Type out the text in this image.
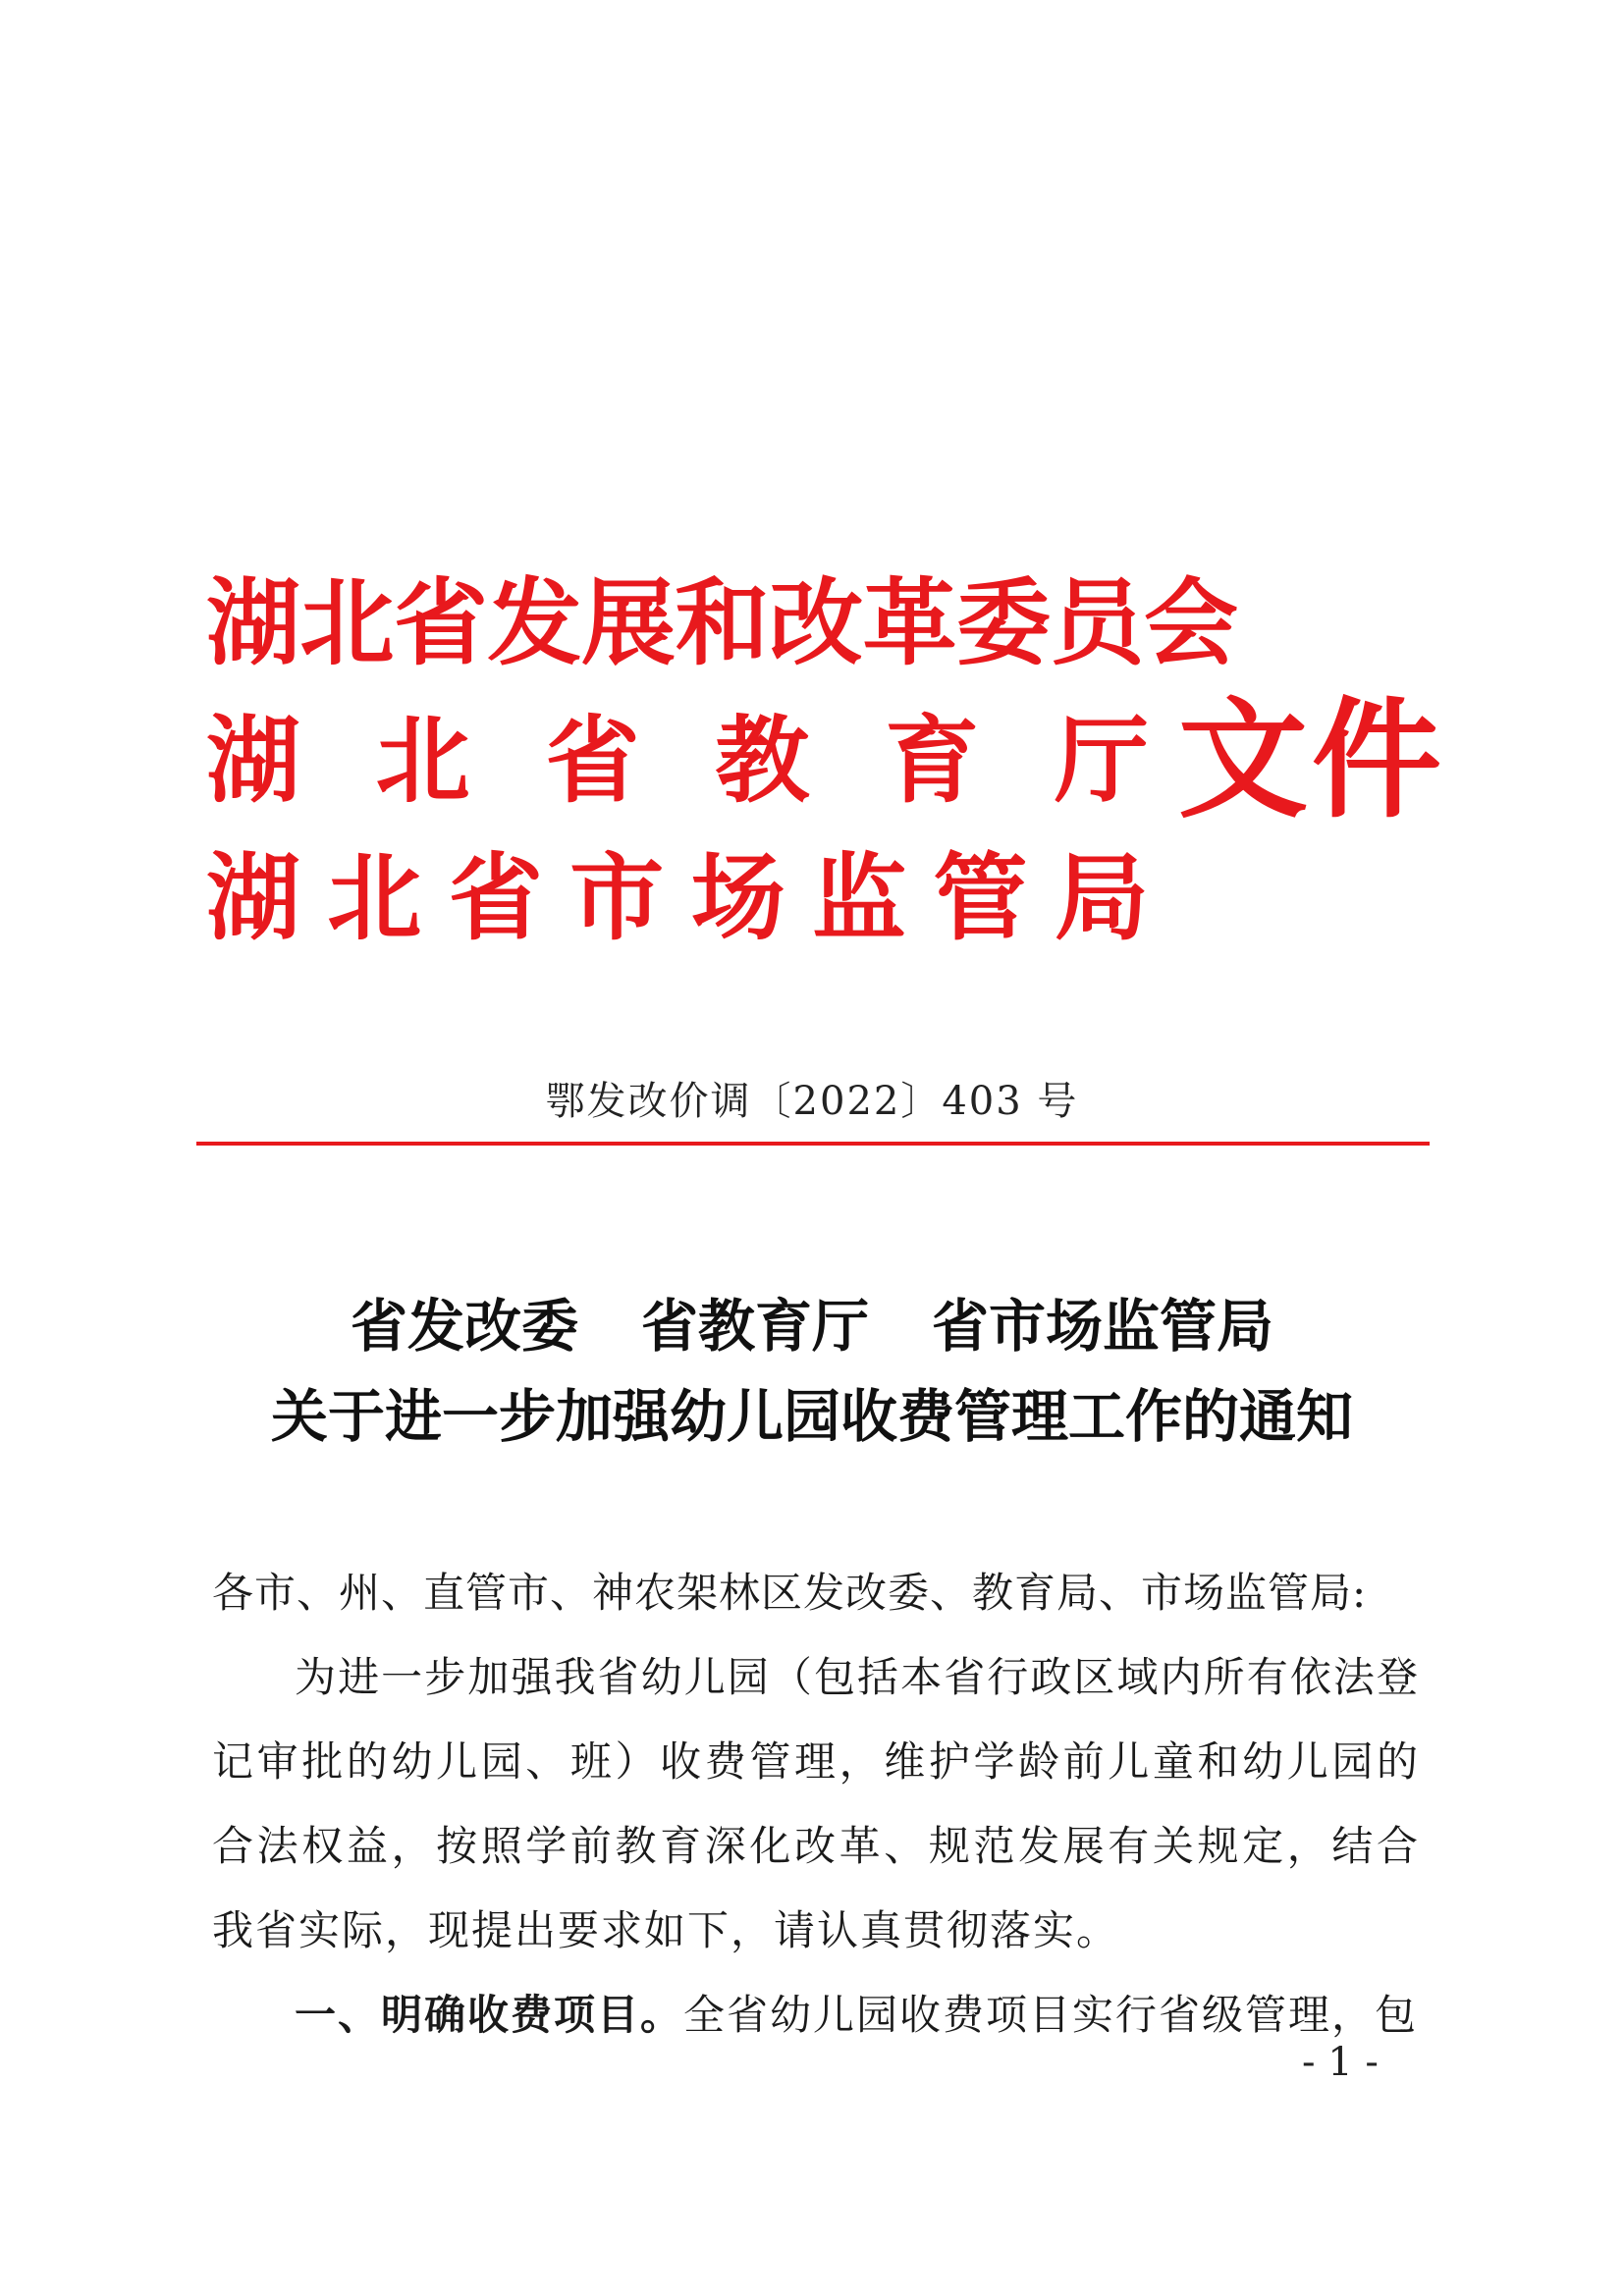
湖北省发展和改革委员会
湖 北 省 教 育 厅
湖 北 省 市 场 监 管 局
文件
鄂发改价调〔2022〕403 号
省发改委 省教育厅 省市场监管局
关于进一步加强幼儿园收费管理工作的通知

各市、州、直管市、神农架林区发改委、教育局、市场监管局:

为进一步加强我省幼儿园（包括本省行政区域内所有依法登记审批的幼儿园、班）收费管理，维护学龄前儿童和幼儿园的合法权益，按照学前教育深化改革、规范发展有关规定，结合我省实际，现提出要求如下，请认真贯彻落实。

一、明确收费项目。全省幼儿园收费项目实行省级管理，包

- 1 -
